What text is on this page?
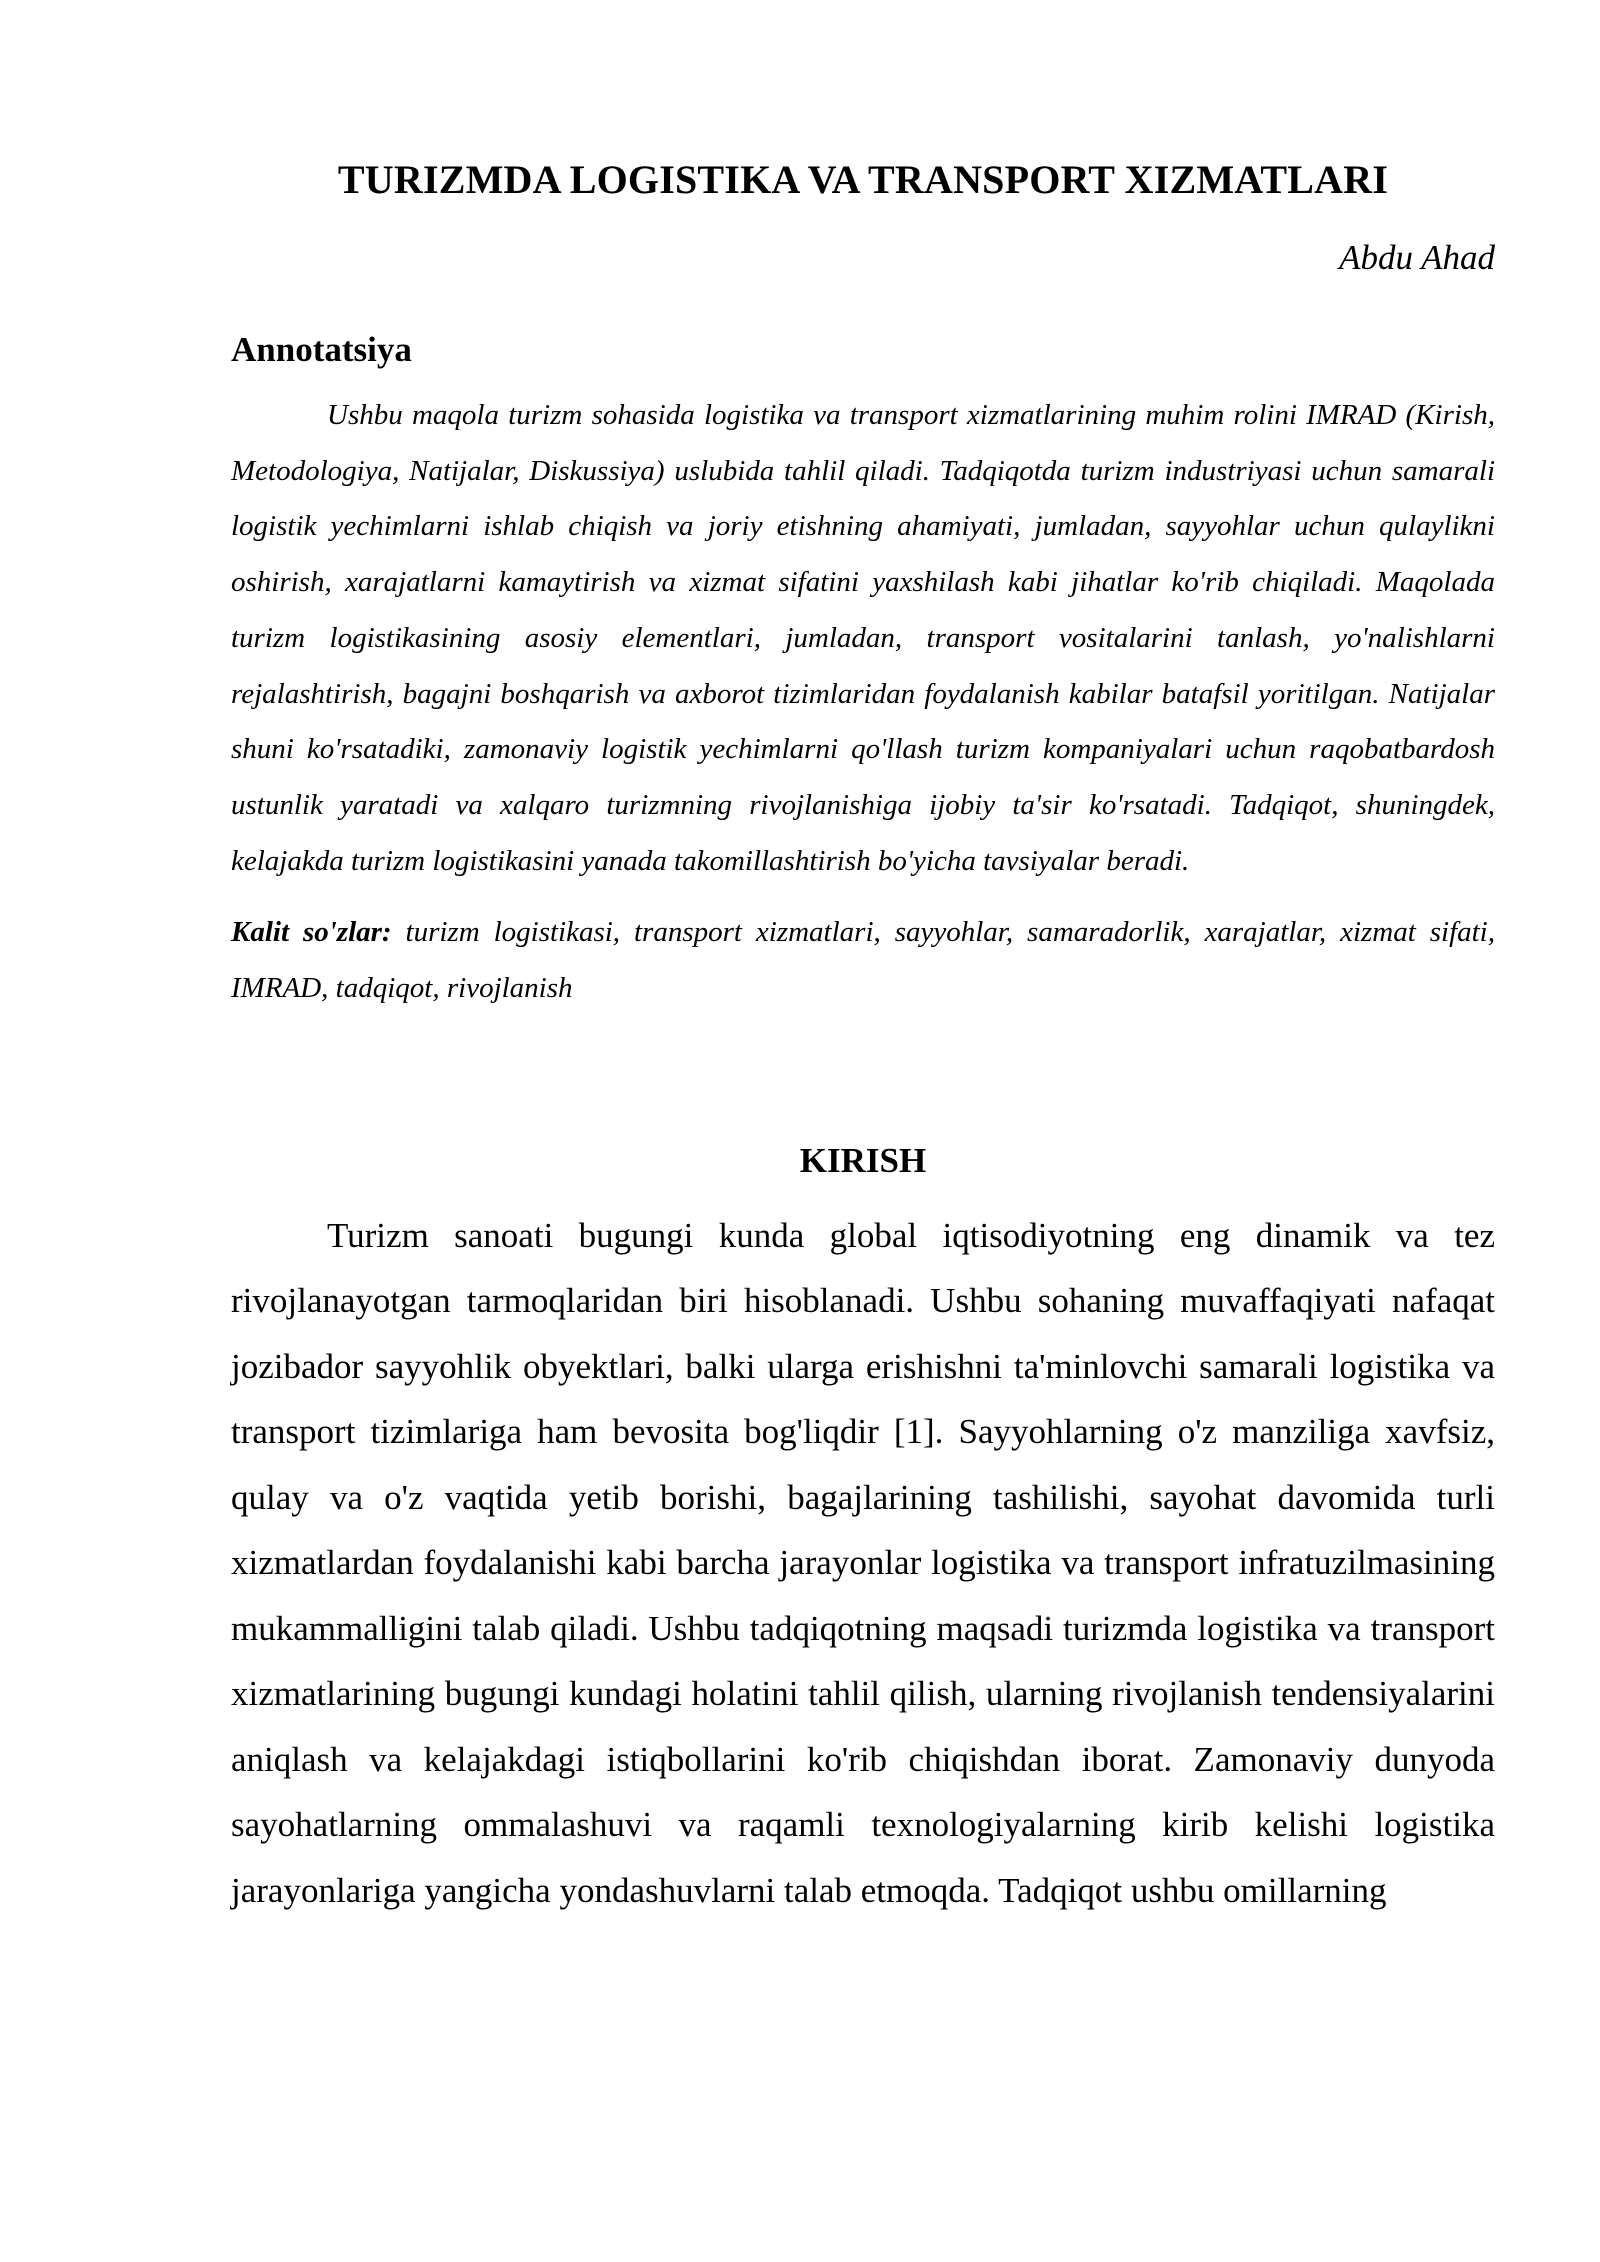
TURIZMDA LOGISTIKA VA TRANSPORT XIZMATLARI

Abdu Ahad

Annotatsiya

Ushbu maqola turizm sohasida logistika va transport xizmatlarining muhim rolini IMRAD (Kirish, Metodologiya, Natijalar, Diskussiya) uslubida tahlil qiladi. Tadqiqotda turizm industriyasi uchun samarali logistik yechimlarni ishlab chiqish va joriy etishning ahamiyati, jumladan, sayyohlar uchun qulaylikni oshirish, xarajatlarni kamaytirish va xizmat sifatini yaxshilash kabi jihatlar ko'rib chiqiladi. Maqolada turizm logistikasining asosiy elementlari, jumladan, transport vositalarini tanlash, yo'nalishlarni rejalashtirish, bagajni boshqarish va axborot tizimlaridan foydalanish kabilar batafsil yoritilgan. Natijalar shuni ko'rsatadiki, zamonaviy logistik yechimlarni qo'llash turizm kompaniyalari uchun raqobatbardosh ustunlik yaratadi va xalqaro turizmning rivojlanishiga ijobiy ta'sir ko'rsatadi. Tadqiqot, shuningdek, kelajakda turizm logistikasini yanada takomillashtirish bo'yicha tavsiyalar beradi.

Kalit so'zlar: turizm logistikasi, transport xizmatlari, sayyohlar, samaradorlik, xarajatlar, xizmat sifati, IMRAD, tadqiqot, rivojlanish

KIRISH

Turizm sanoati bugungi kunda global iqtisodiyotning eng dinamik va tez rivojlanayotgan tarmoqlaridan biri hisoblanadi. Ushbu sohaning muvaffaqiyati nafaqat jozibador sayyohlik obyektlari, balki ularga erishishni ta'minlovchi samarali logistika va transport tizimlariga ham bevosita bog'liqdir [1]. Sayyohlarning o'z manziliga xavfsiz, qulay va o'z vaqtida yetib borishi, bagajlarining tashilishi, sayohat davomida turli xizmatlardan foydalanishi kabi barcha jarayonlar logistika va transport infratuzilmasining mukammalligini talab qiladi. Ushbu tadqiqotning maqsadi turizmda logistika va transport xizmatlarining bugungi kundagi holatini tahlil qilish, ularning rivojlanish tendensiyalarini aniqlash va kelajakdagi istiqbollarini ko'rib chiqishdan iborat. Zamonaviy dunyoda sayohatlarning ommalashuvi va raqamli texnologiyalarning kirib kelishi logistika jarayonlariga yangicha yondashuvlarni talab etmoqda. Tadqiqot ushbu omillarning
